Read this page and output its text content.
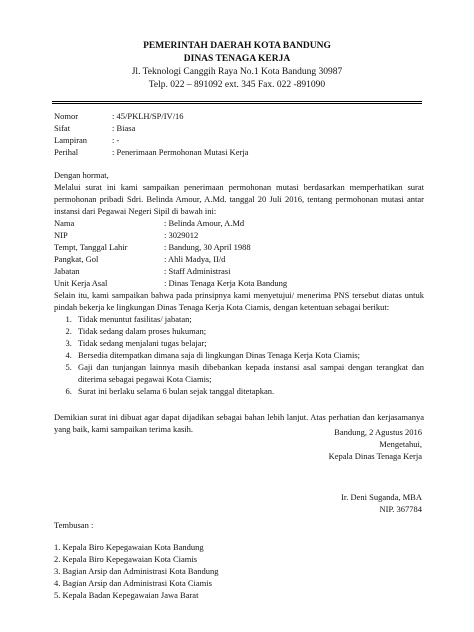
PEMERINTAH DAERAH KOTA BANDUNG
DINAS TENAGA KERJA
Jl. Teknologi Canggih Raya No.1 Kota Bandung 30987
Telp. 022 – 891092 ext. 345 Fax. 022 -891090
Nomor	: 45/PKLH/SP/IV/16
Sifat	: Biasa
Lampiran	: -
Perihal	: Penerimaan Permohonan Mutasi Kerja
Dengan hormat,
Melalui surat ini kami sampaikan penerimaan permohonan mutasi berdasarkan memperhatikan surat permohonan pribadi Sdri. Belinda Amour, A.Md. tanggal 20 Juli 2016, tentang permohonan mutasi antar instansi dari Pegawai Negeri Sipil di bawah ini:
Nama	: Belinda Amour, A.Md
NIP	: 3029012
Tempt, Tanggal Lahir	: Bandung, 30 April 1988
Pangkat, Gol	: Ahli Madya, II/d
Jabatan	: Staff Administrasi
Unit Kerja Asal	: Dinas Tenaga Kerja Kota Bandung
Selain itu, kami sampaikan bahwa pada prinsipnya kami menyetujui/ menerima PNS tersebut diatas untuk pindah bekerja ke lingkungan Dinas Tenaga Kerja Kota Ciamis, dengan ketentuan sebagai berikut:
1. Tidak menuntut fasilitas/ jabatan;
2. Tidak sedang dalam proses hukuman;
3. Tidak sedang menjalani tugas belajar;
4. Bersedia ditempatkan dimana saja di lingkungan Dinas Tenaga Kerja Kota Ciamis;
5. Gaji dan tunjangan lainnya masih dibebankan kepada instansi asal sampai dengan terangkat dan diterima sebagai pegawai Kota Ciamis;
6. Surat ini berlaku selama 6 bulan sejak tanggal ditetapkan.
Demikian surat ini dibuat agar dapat dijadikan sebagai bahan lebih lanjut. Atas perhatian dan kerjasamanya yang baik, kami sampaikan terima kasih.	Bandung, 2 Agustus 2016
Mengetahui,
Kepala Dinas Tenaga Kerja
Ir. Deni Suganda, MBA
NIP. 367784
Tembusan :
1. Kepala Biro Kepegawaian Kota Bandung
2. Kepala Biro Kepegawaian Kota Ciamis
3. Bagian Arsip dan Administrasi Kota Bandung
4. Bagian Arsip dan Administrasi Kota Ciamis
5. Kepala Badan Kepegawaian Jawa Barat
